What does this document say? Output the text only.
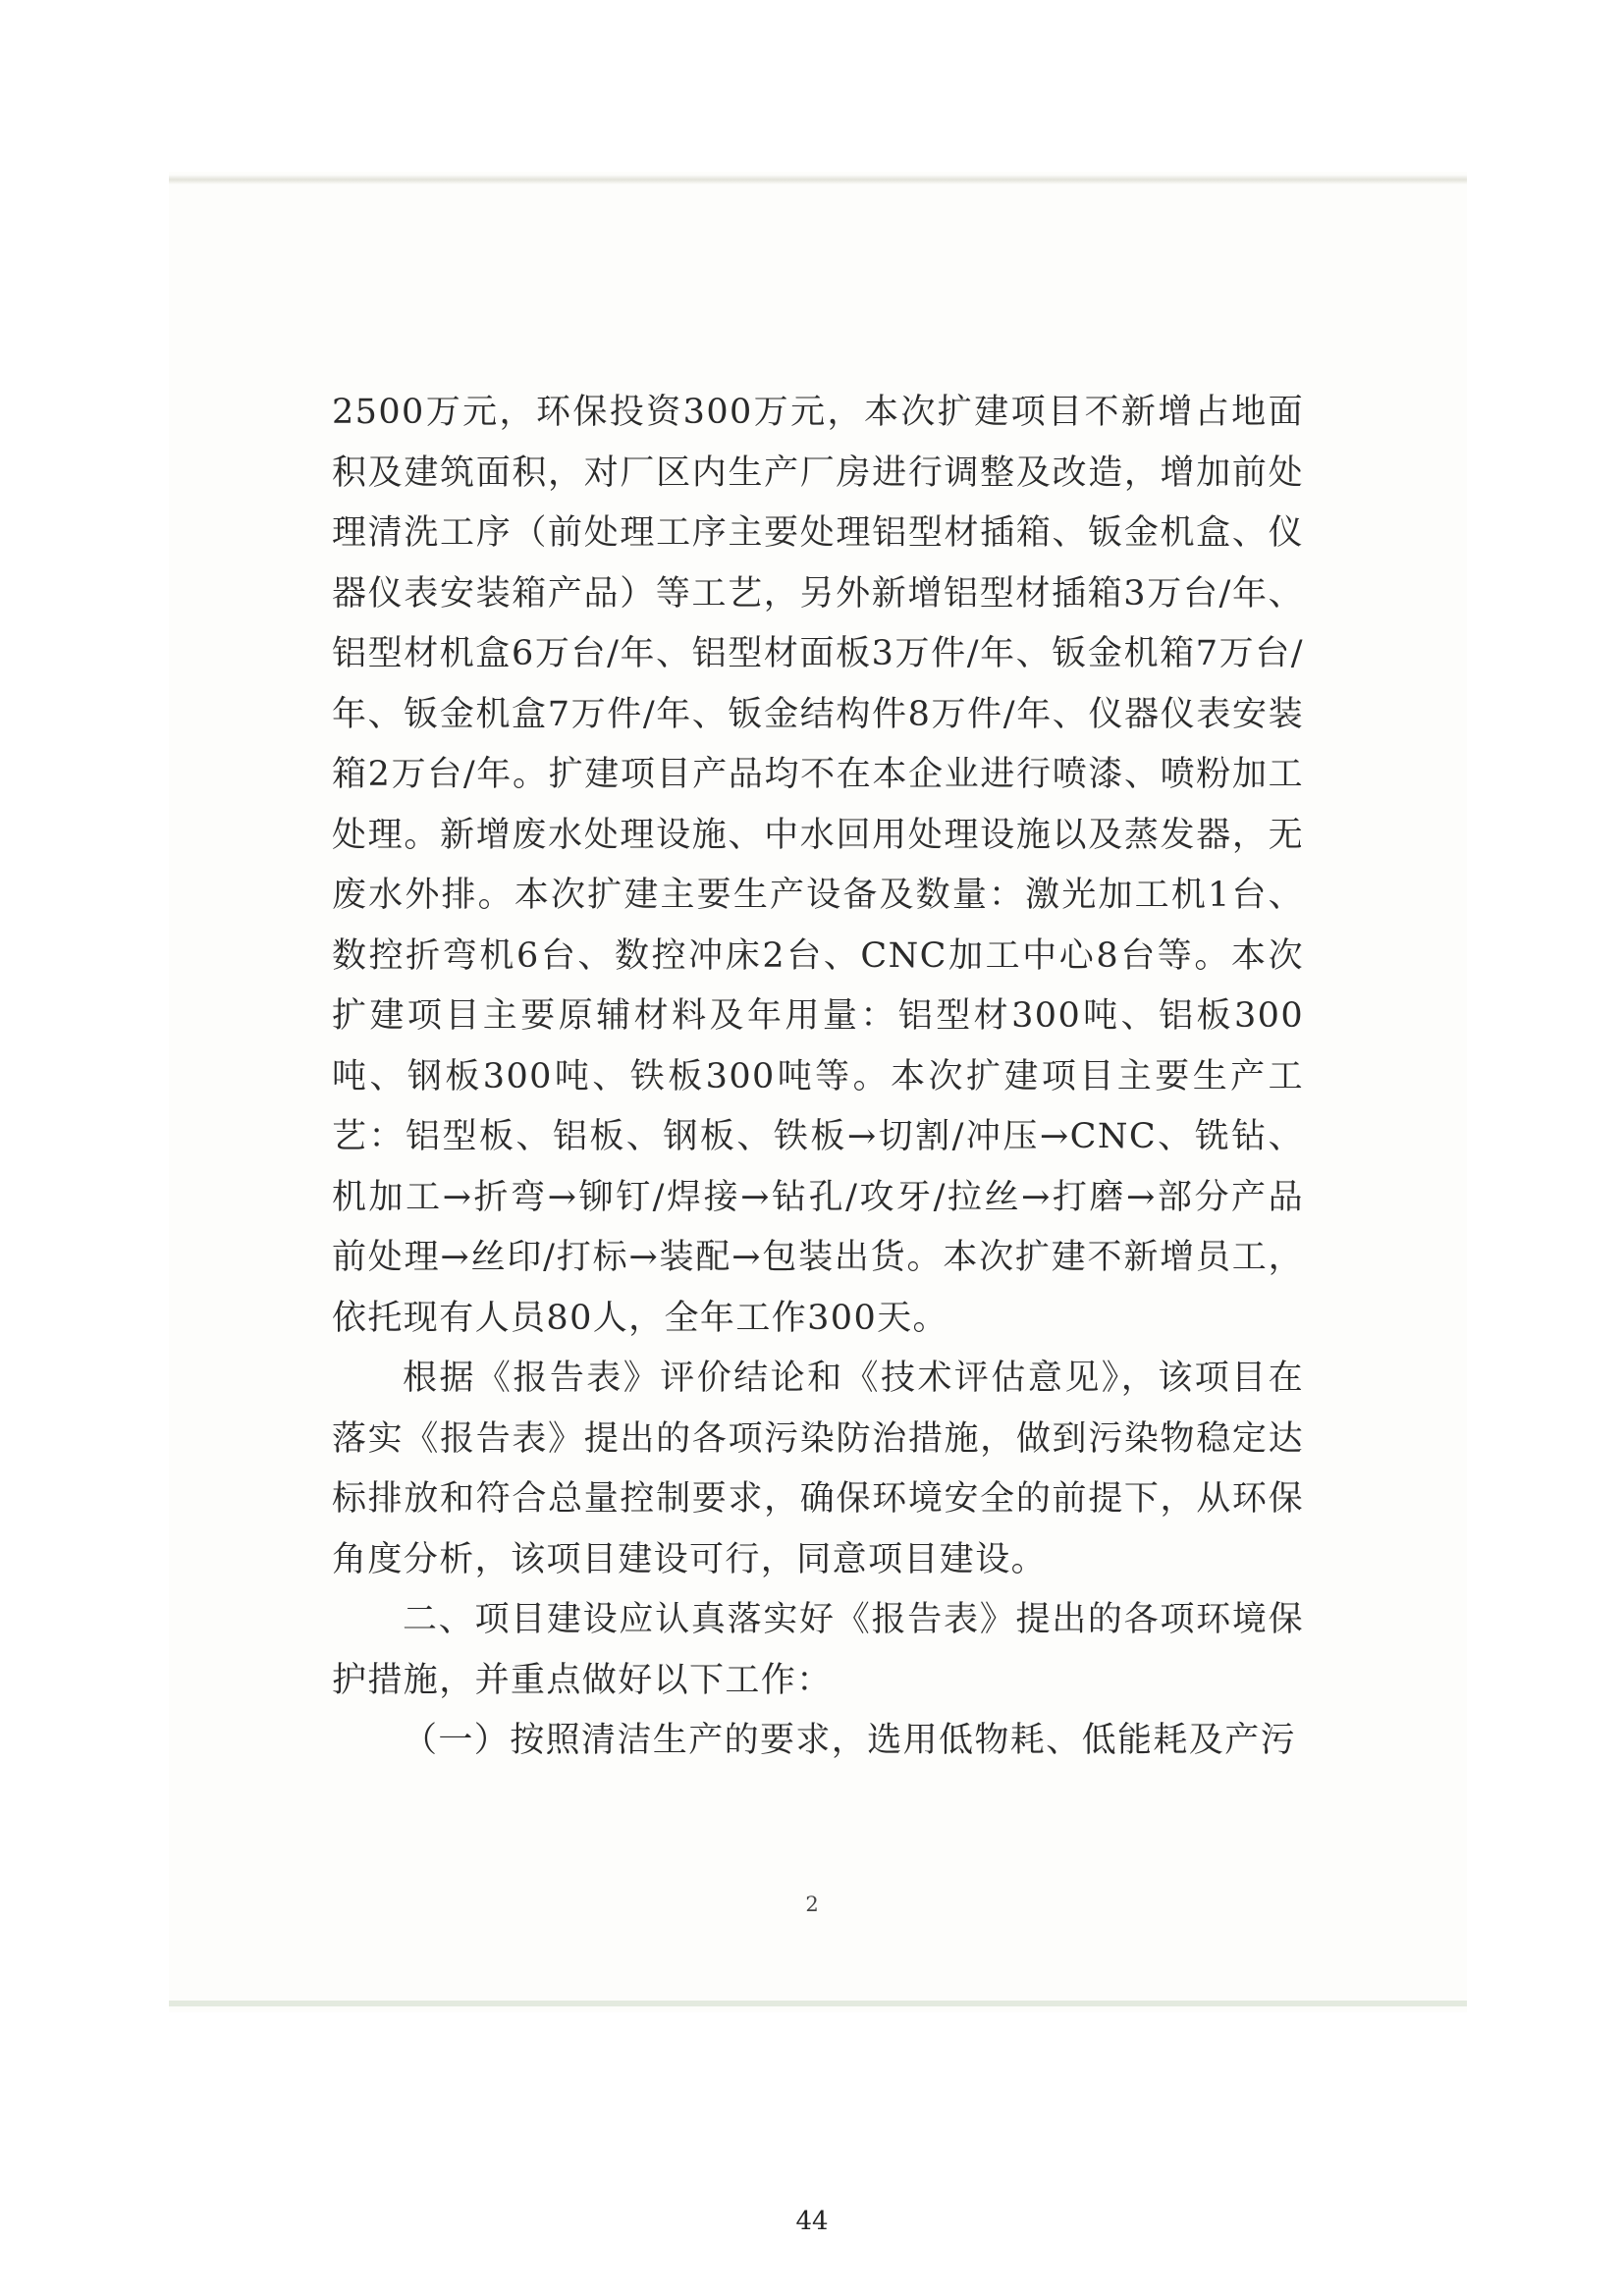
2500万元，环保投资300万元，本次扩建项目不新增占地面积及建筑面积，对厂区内生产厂房进行调整及改造，增加前处理清洗工序（前处理工序主要处理铝型材插箱、钣金机盒、仪器仪表安装箱产品）等工艺，另外新增铝型材插箱3万台/年、铝型材机盒6万台/年、铝型材面板3万件/年、钣金机箱7万台/年、钣金机盒7万件/年、钣金结构件8万件/年、仪器仪表安装箱2万台/年。扩建项目产品均不在本企业进行喷漆、喷粉加工处理。新增废水处理设施、中水回用处理设施以及蒸发器，无废水外排。本次扩建主要生产设备及数量：激光加工机1台、数控折弯机6台、数控冲床2台、CNC加工中心8台等。本次扩建项目主要原辅材料及年用量：铝型材300吨、铝板300吨、钢板300吨、铁板300吨等。本次扩建项目主要生产工艺：铝型板、铝板、钢板、铁板→切割/冲压→CNC、铣钻、机加工→折弯→铆钉/焊接→钻孔/攻牙/拉丝→打磨→部分产品前处理→丝印/打标→装配→包装出货。本次扩建不新增员工，依托现有人员80人，全年工作300天。

根据《报告表》评价结论和《技术评估意见》，该项目在落实《报告表》提出的各项污染防治措施，做到污染物稳定达标排放和符合总量控制要求，确保环境安全的前提下，从环保角度分析，该项目建设可行，同意项目建设。

二、项目建设应认真落实好《报告表》提出的各项环境保护措施，并重点做好以下工作：

（一）按照清洁生产的要求，选用低物耗、低能耗及产污

2
44
